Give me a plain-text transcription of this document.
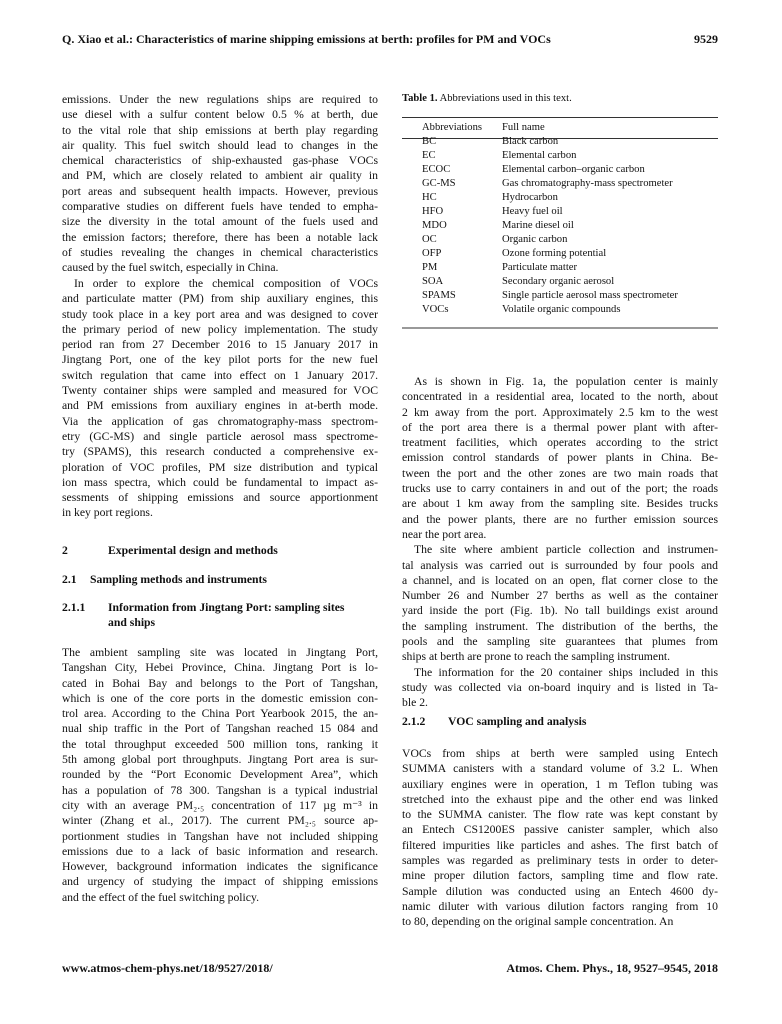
Q. Xiao et al.: Characteristics of marine shipping emissions at berth: profiles for PM and VOCs	9529
emissions. Under the new regulations ships are required to
use diesel with a sulfur content below 0.5 % at berth, due
to the vital role that ship emissions at berth play regarding
air quality. This fuel switch should lead to changes in the
chemical characteristics of ship-exhausted gas-phase VOCs
and PM, which are closely related to ambient air quality in
port areas and subsequent health impacts. However, previous
comparative studies on different fuels have tended to empha-
size the diversity in the total amount of the fuels used and
the emission factors; therefore, there has been a notable lack
of studies revealing the changes in chemical characteristics
caused by the fuel switch, especially in China.
In order to explore the chemical composition of VOCs
and particulate matter (PM) from ship auxiliary engines, this
study took place in a key port area and was designed to cover
the primary period of new policy implementation. The study
period ran from 27 December 2016 to 15 January 2017 in
Jingtang Port, one of the key pilot ports for the new fuel
switch regulation that came into effect on 1 January 2017.
Twenty container ships were sampled and measured for VOC
and PM emissions from auxiliary engines in at-berth mode.
Via the application of gas chromatography-mass spectrom-
etry (GC-MS) and single particle aerosol mass spectrome-
try (SPAMS), this research conducted a comprehensive ex-
ploration of VOC profiles, PM size distribution and typical
ion mass spectra, which could be fundamental to impact as-
sessments of shipping emissions and source apportionment
in key port regions.
2	Experimental design and methods
2.1 Sampling methods and instruments
2.1.1 Information from Jingtang Port: sampling sites
and ships
The ambient sampling site was located in Jingtang Port,
Tangshan City, Hebei Province, China. Jingtang Port is lo-
cated in Bohai Bay and belongs to the Port of Tangshan,
which is one of the core ports in the domestic emission con-
trol area. According to the China Port Yearbook 2015, the an-
nual ship traffic in the Port of Tangshan reached 15 084 and
the total throughput exceeded 500 million tons, ranking it
5th among global port throughputs. Jingtang Port area is sur-
rounded by the “Port Economic Development Area”, which
has a population of 78 300. Tangshan is a typical industrial
city with an average PM₂.₅ concentration of 117 µg m⁻³ in
winter (Zhang et al., 2017). The current PM₂.₅ source ap-
portionment studies in Tangshan have not included shipping
emissions due to a lack of basic information and research.
However, background information indicates the significance
and urgency of studying the impact of shipping emissions
and the effect of the fuel switching policy.
Table 1. Abbreviations used in this text.
Abbreviations	Full name
BC	Black carbon
EC	Elemental carbon
ECOC	Elemental carbon–organic carbon
GC-MS	Gas chromatography-mass spectrometer
HC	Hydrocarbon
HFO	Heavy fuel oil
MDO	Marine diesel oil
OC	Organic carbon
OFP	Ozone forming potential
PM	Particulate matter
SOA	Secondary organic aerosol
SPAMS	Single particle aerosol mass spectrometer
VOCs	Volatile organic compounds
As is shown in Fig. 1a, the population center is mainly
concentrated in a residential area, located to the north, about
2 km away from the port. Approximately 2.5 km to the west
of the port area there is a thermal power plant with after-
treatment facilities, which operates according to the strict
emission control standards of power plants in China. Be-
tween the port and the other zones are two main roads that
trucks use to carry containers in and out of the port; the roads
are about 1 km away from the sampling site. Besides trucks
and the power plants, there are no further emission sources
near the port area.
The site where ambient particle collection and instrumen-
tal analysis was carried out is surrounded by four pools and
a channel, and is located on an open, flat corner close to the
Number 26 and Number 27 berths as well as the container
yard inside the port (Fig. 1b). No tall buildings exist around
the sampling instrument. The distribution of the berths, the
pools and the sampling site guarantees that plumes from
ships at berth are prone to reach the sampling instrument.
The information for the 20 container ships included in this
study was collected via on-board inquiry and is listed in Ta-
ble 2.
2.1.2 VOC sampling and analysis
VOCs from ships at berth were sampled using Entech
SUMMA canisters with a standard volume of 3.2 L. When
auxiliary engines were in operation, 1 m Teflon tubing was
stretched into the exhaust pipe and the other end was linked
to the SUMMA canister. The flow rate was kept constant by
an Entech CS1200ES passive canister sampler, which also
filtered impurities like particles and ashes. The first batch of
samples was regarded as preliminary tests in order to deter-
mine proper dilution factors, sampling time and flow rate.
Sample dilution was conducted using an Entech 4600 dy-
namic diluter with various dilution factors ranging from 10
to 80, depending on the original sample concentration. An
www.atmos-chem-phys.net/18/9527/2018/	Atmos. Chem. Phys., 18, 9527–9545, 2018
